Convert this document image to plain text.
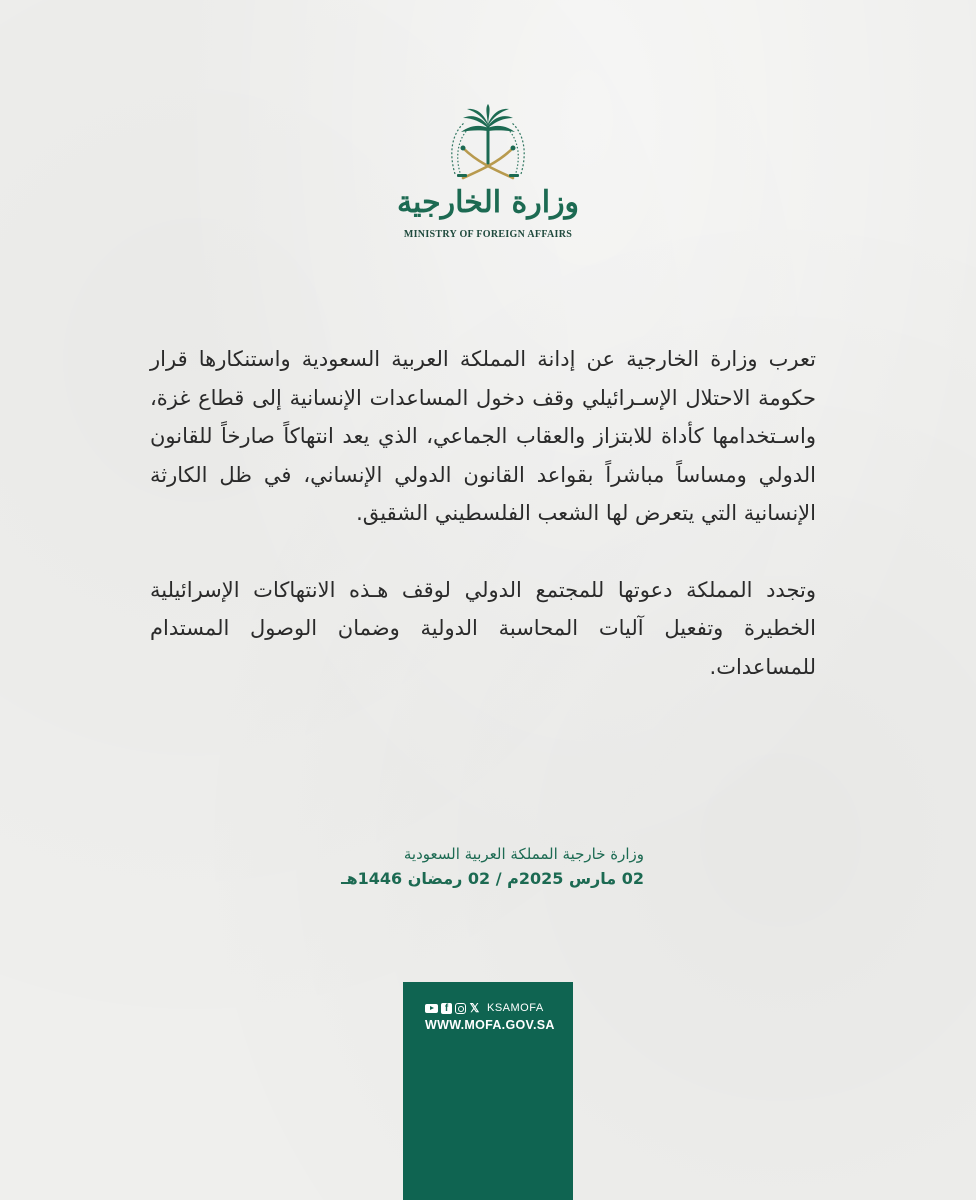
وزارة الخارجية
MINISTRY OF FOREIGN AFFAIRS

تعرب وزارة الخارجية عن إدانة المملكة العربية السعودية واستنكارها قرار حكومة الاحتلال الإسـرائيلي وقف دخول المساعدات الإنسانية إلى قطاع غزة، واسـتخدامها كأداة للابتزاز والعقاب الجماعي، الذي يعد انتهاكاً صارخاً للقانون الدولي ومساساً مباشراً بقواعد القانون الدولي الإنساني، في ظل الكارثة الإنسانية التي يتعرض لها الشعب الفلسطيني الشقيق.

وتجدد المملكة دعوتها للمجتمع الدولي لوقف هـذه الانتهاكات الإسرائيلية الخطيرة وتفعيل آليات المحاسبة الدولية وضمان الوصول المستدام للمساعدات.

وزارة خارجية المملكة العربية السعودية
02 مارس 2025م / 02 رمضان 1446هـ
f	𝕏 KSAMOFA
WWW.MOFA.GOV.SA
